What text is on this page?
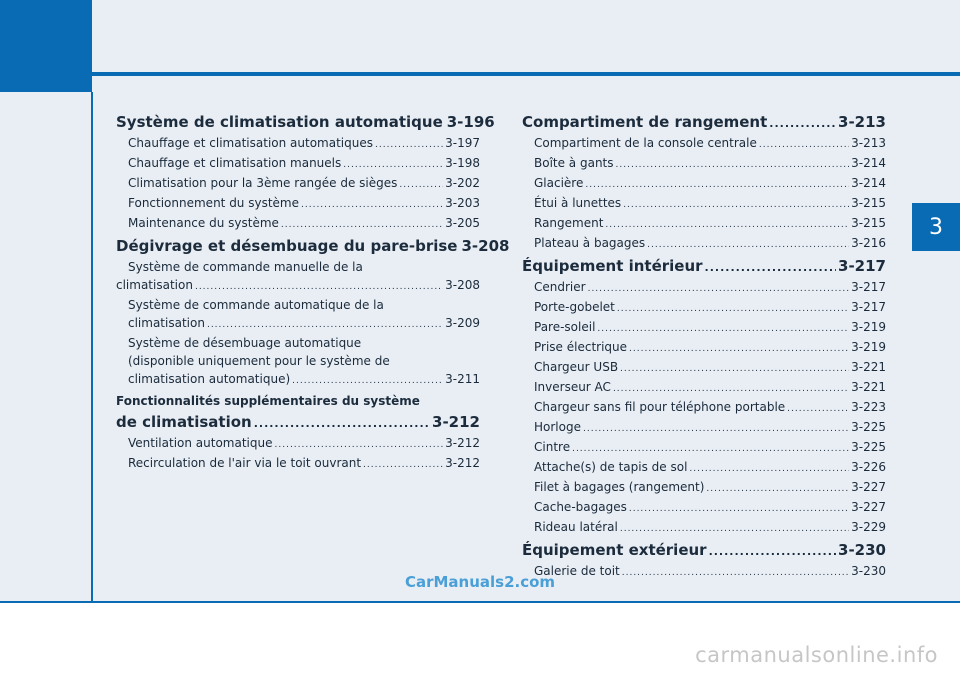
3
Système de climatisation automatique 3-196
Chauffage et climatisation automatiques .....	3-197
Chauffage et climatisation manuels .....	3-198
Climatisation pour la 3ème rangée de sièges .....	3-202
Fonctionnement du système .....	3-203
Maintenance du système .....	3-205
Dégivrage et désembuage du pare-brise 3-208
Système de commande manuelle de la
climatisation .....	3-208
Système de commande automatique de la
climatisation .....	3-209
Système de désembuage automatique
(disponible uniquement pour le système de
climatisation automatique) .....	3-211
Fonctionnalités supplémentaires du système
de climatisation .....	3-212
Ventilation automatique .....	3-212
Recirculation de l'air via le toit ouvrant .....	3-212
Compartiment de rangement .....	3-213
Compartiment de la console centrale .....	3-213
Boîte à gants .....	3-214
Glacière .....	3-214
Étui à lunettes .....	3-215
Rangement .....	3-215
Plateau à bagages .....	3-216
Équipement intérieur .....	3-217
Cendrier .....	3-217
Porte-gobelet .....	3-217
Pare-soleil .....	3-219
Prise électrique .....	3-219
Chargeur USB .....	3-221
Inverseur AC .....	3-221
Chargeur sans fil pour téléphone portable .....	3-223
Horloge .....	3-225
Cintre .....	3-225
Attache(s) de tapis de sol .....	3-226
Filet à bagages (rangement) .....	3-227
Cache-bagages .....	3-227
Rideau latéral .....	3-229
Équipement extérieur .....	3-230
Galerie de toit .....	3-230
CarManuals2.com
carmanualsonline.info
